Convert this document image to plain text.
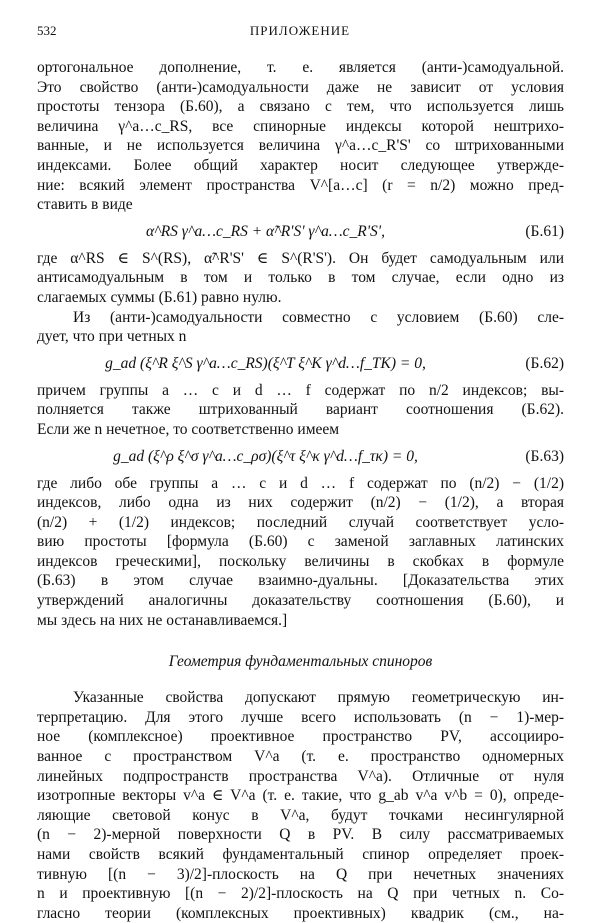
532	ПРИЛОЖЕНИЕ
ортогональное дополнение, т. е. является (анти-)самодуальной.
Это свойство (анти-)самодуальности даже не зависит от условия
простоты тензора (Б.60), а связано с тем, что используется лишь
величина γ^a…c_RS, все спинорные индексы которой нештрихо-
ванные, и не используется величина γ^a…c_R'S' со штрихованными
индексами. Более общий характер носит следующее утвержде-
ние: всякий элемент пространства V^[a…c] (r = n/2) можно пред-
ставить в виде
α^RS γ^a…c_RS + α̃^R'S' γ^a…c_R'S',	(Б.61)
где α^RS ∈ S^(RS), α̃^R'S' ∈ S^(R'S'). Он будет самодуальным или
антисамодуальным в том и только в том случае, если одно из
слагаемых суммы (Б.61) равно нулю.
Из (анти-)самодуальности совместно с условием (Б.60) сле-
дует, что при четных n
g_ad (ξ^R ξ^S γ^a…c_RS)(ξ^T ξ^K γ^d…f_TK) = 0,	(Б.62)
причем группы a … c и d … f содержат по n/2 индексов; вы-
полняется также штрихованный вариант соотношения (Б.62).
Если же n нечетное, то соответственно имеем
g_ad (ξ^ρ ξ^σ γ^a…c_ρσ)(ξ^τ ξ^κ γ^d…f_τκ) = 0,	(Б.63)
где либо обе группы a … c и d … f содержат по (n/2) − (1/2)
индексов, либо одна из них содержит (n/2) − (1/2), а вторая
(n/2) + (1/2) индексов; последний случай соответствует усло-
вию простоты [формула (Б.60) с заменой заглавных латинских
индексов греческими], поскольку величины в скобках в формуле
(Б.63) в этом случае взаимно-дуальны. [Доказательства этих
утверждений аналогичны доказательству соотношения (Б.60), и
мы здесь на них не останавливаемся.]
Геометрия фундаментальных спиноров
Указанные свойства допускают прямую геометрическую ин-
терпретацию. Для этого лучше всего использовать (n − 1)-мер-
ное (комплексное) проективное пространство PV, ассоцииро-
ванное с пространством V^a (т. е. пространство одномерных
линейных подпространств пространства V^a). Отличные от нуля
изотропные векторы v^a ∈ V^a (т. е. такие, что g_ab v^a v^b = 0), опреде-
ляющие световой конус в V^a, будут точками несингулярной
(n − 2)-мерной поверхности Q в PV. В силу рассматриваемых
нами свойств всякий фундаментальный спинор определяет проек-
тивную [(n − 3)/2]-плоскость на Q при нечетных значениях
n и проективную [(n − 2)/2]-плоскость на Q при четных n. Со-
гласно теории (комплексных проективных) квадрик (см., на-
